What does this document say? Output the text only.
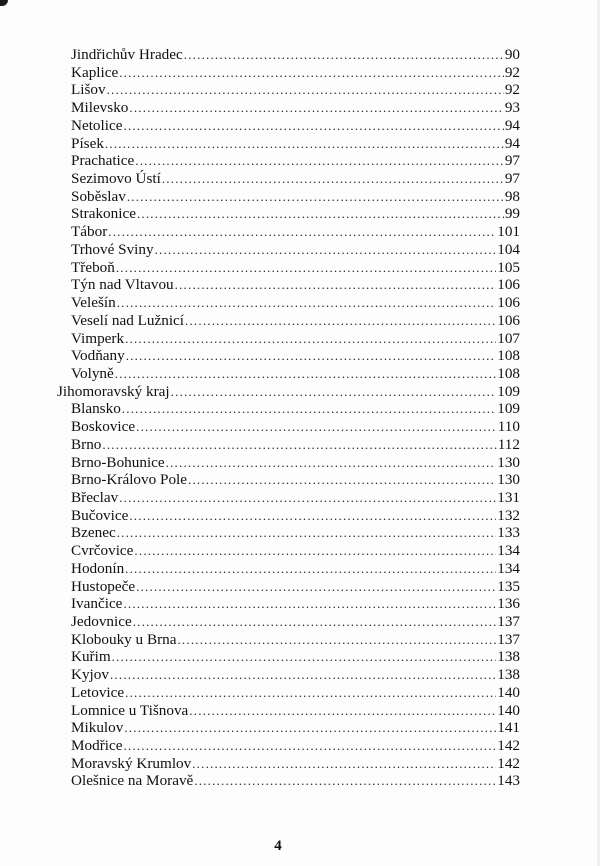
Jindřichův Hradec .....	90
Kaplice .....	92
Lišov .....	92
Milevsko .....	93
Netolice .....	94
Písek .....	94
Prachatice .....	97
Sezimovo Ústí .....	97
Soběslav .....	98
Strakonice .....	99
Tábor .....	101
Trhové Sviny .....	104
Třeboň .....	105
Týn nad Vltavou .....	106
Velešín .....	106
Veselí nad Lužnicí .....	106
Vimperk .....	107
Vodňany .....	108
Volyně .....	108
Jihomoravský kraj .....	109
Blansko .....	109
Boskovice .....	110
Brno .....	112
Brno-Bohunice .....	130
Brno-Královo Pole .....	130
Břeclav .....	131
Bučovice .....	132
Bzenec .....	133
Cvrčovice .....	134
Hodonín .....	134
Hustopeče .....	135
Ivančice .....	136
Jedovnice .....	137
Klobouky u Brna .....	137
Kuřim .....	138
Kyjov .....	138
Letovice .....	140
Lomnice u Tišnova .....	140
Mikulov .....	141
Modřice .....	142
Moravský Krumlov .....	142
Olešnice na Moravě .....	143
4
